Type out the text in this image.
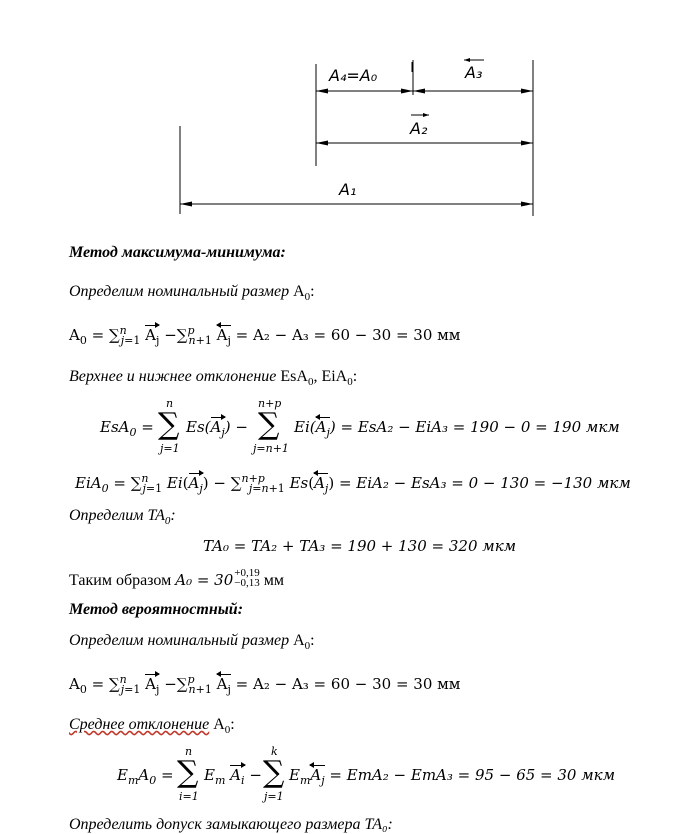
A₄=A₀	A₃
A₂
A₁
Метод максимума-минимума:
Определим номинальный размер $A_0$:
$A_0 = \sum^n_{j=1}$ $A_j -\sum^p_{n+1}$ $A_j = A_2 - A_3 = 60 - 30 = 30$ мм
Верхнее и нижнее отклонение EsA$_0$, EiA$_0$:
EsA$_0$ =
n
∑
j=1
$Es(A_j)$ −
n+p
∑
j=n+1
$Ei(A_j) = EsA_2 - EiA_3 = 190 - 0 = 190$ мкм
EiA$_0$ = ∑$^n_{j=1}$ $Ei(A_j) - \sum^{n+p}_{j=n+1}$ $Es(A_j) = EiA_2 - EsA_3 = 0 - 130 = -130$ мкм
Определим $TA_0$:
TA₀ = TA₂ + TA₃ = 190 + 130 = 320 мкм
Таким образом A₀ = 30+0,19
−0,13 мм
Метод вероятностный:
Определим номинальный размер $A_0$:
$A_0 = \sum^n_{j=1}$ $A_j -\sum^p_{n+1}$ $A_j = A_2 - A_3 = 60 - 30 = 30$ мм
Среднее отклонение $A_0$:
$E_mA_0$ =
n
∑
i=1
$E_m$ $A_i$ −
k
∑
j=1
$E_mA_j = EmA_2 - EmA_3 = 95 - 65 = 30$ мкм
Определить допуск замыкающего размера TA₀:
